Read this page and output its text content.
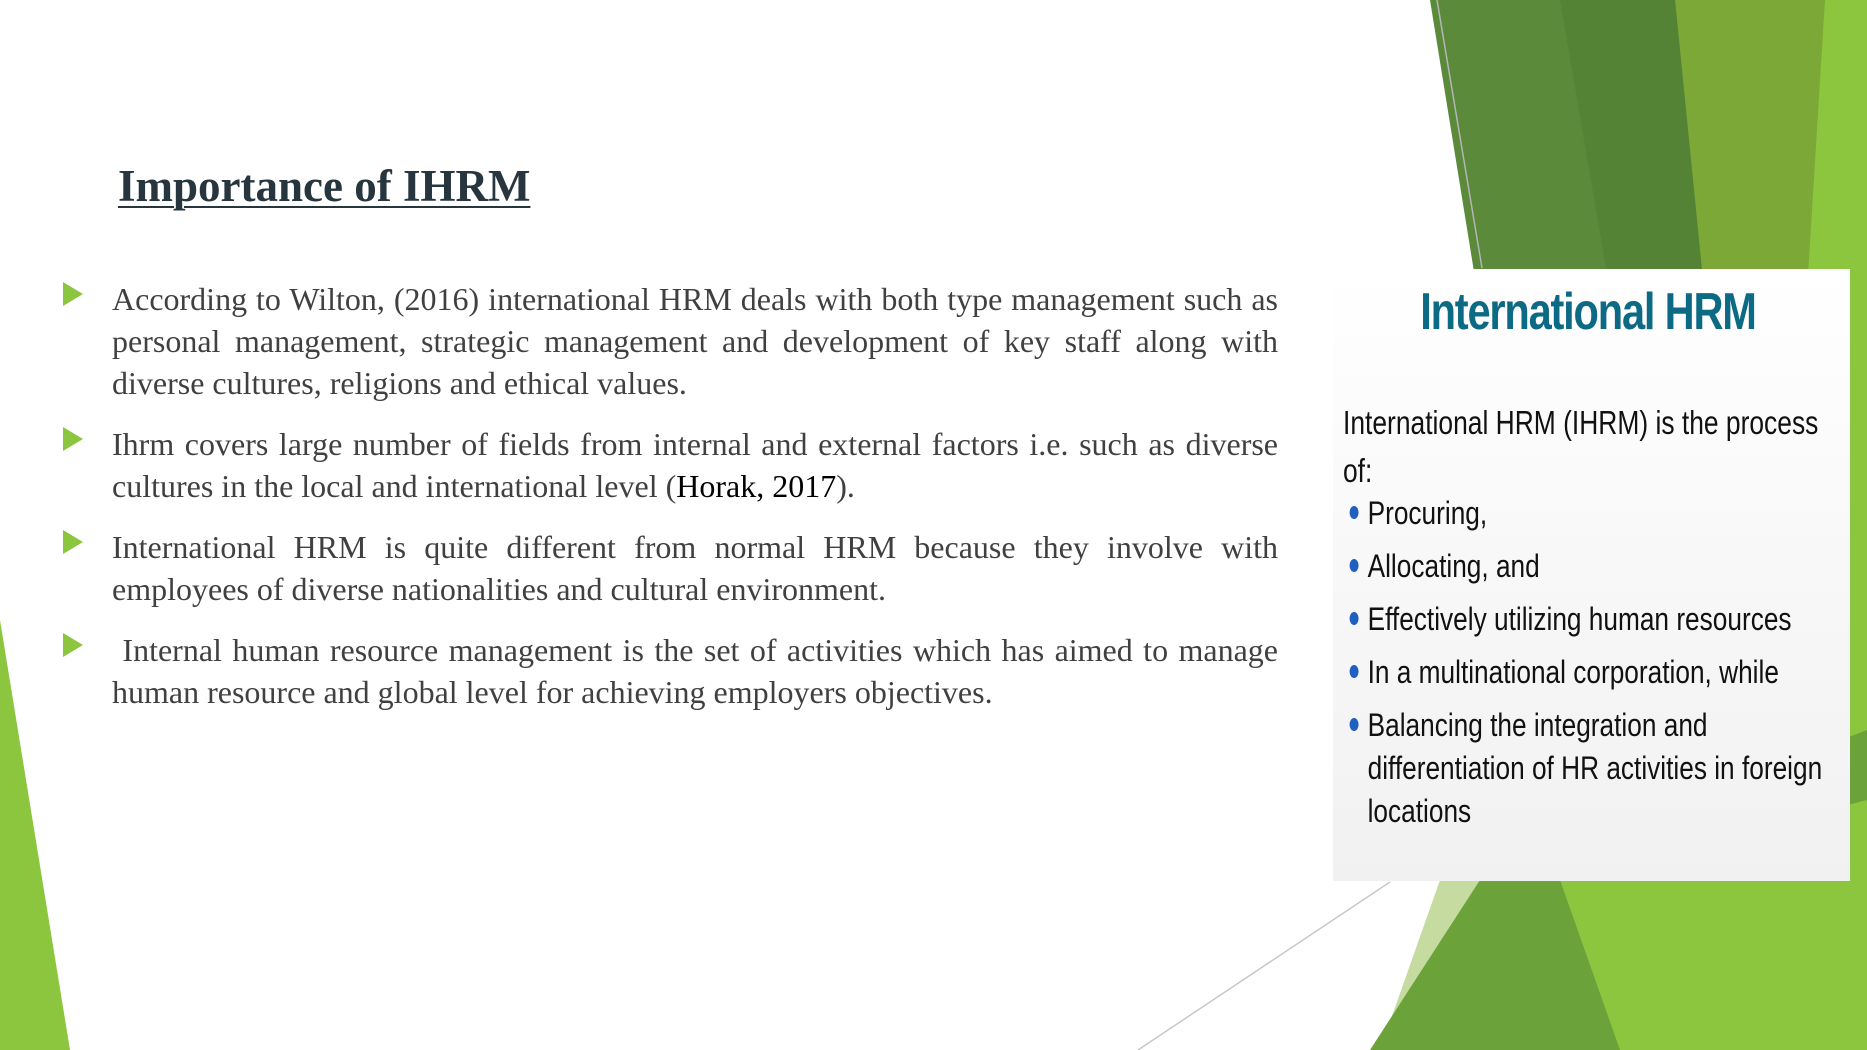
Importance of IHRM
According to Wilton, (2016) international HRM deals with both type management such as personal management, strategic management and development of key staff along with diverse cultures, religions and ethical values.
Ihrm covers large number of fields from internal and external factors i.e. such as diverse cultures in the local and international level (Horak, 2017).
International HRM is quite different from normal HRM because they involve with employees of diverse nationalities and cultural environment.
Internal human resource management is the set of activities which has aimed to manage human resource and global level for achieving employers objectives.
International HRM
International HRM (IHRM) is the process of:
Procuring,
Allocating, and
Effectively utilizing human resources
In a multinational corporation, while
Balancing the integration and differentiation of HR activities in foreign locations
